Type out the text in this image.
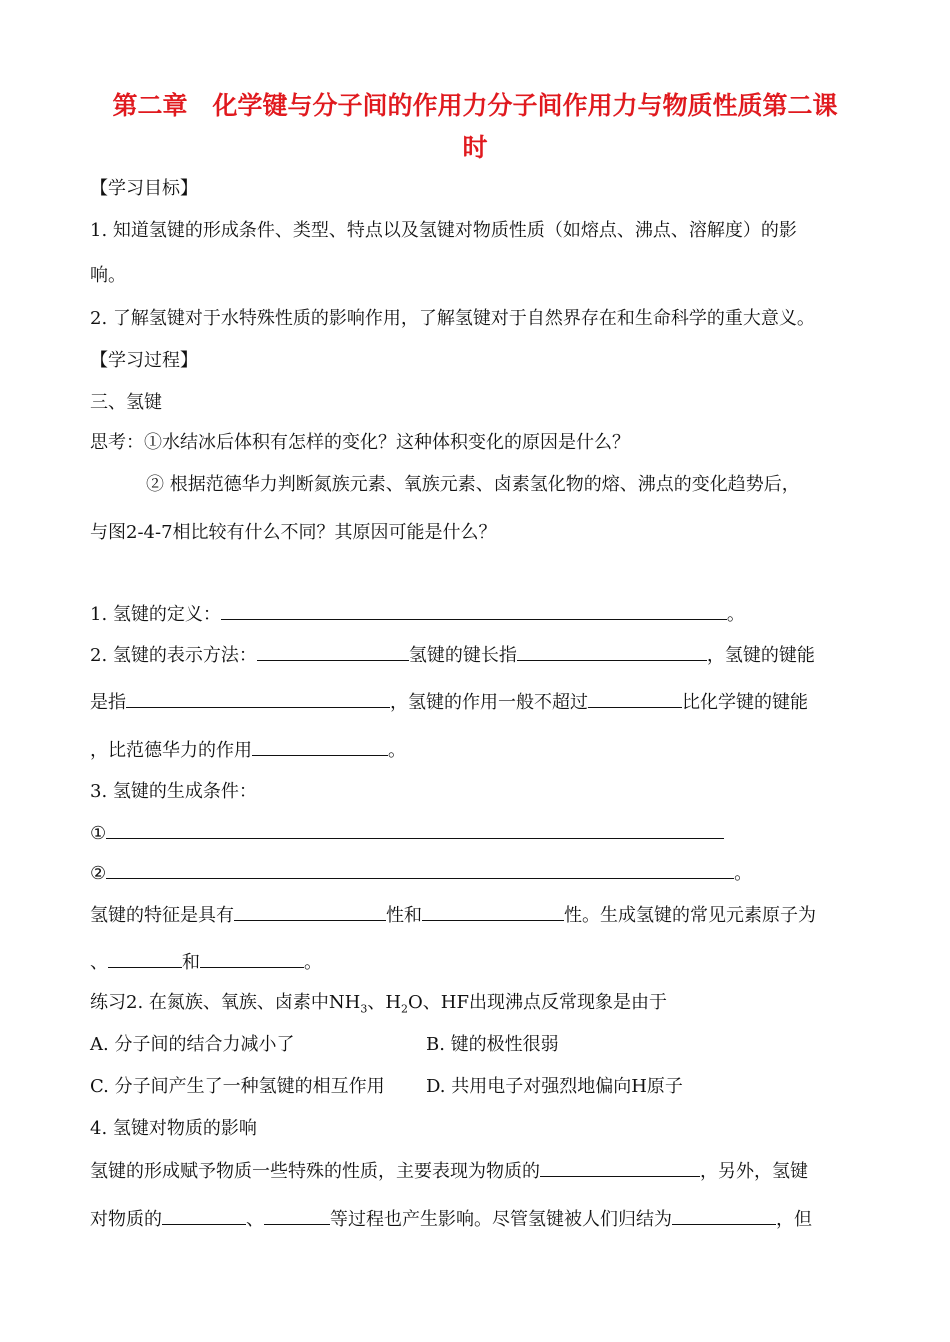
第二章　化学键与分子间的作用力分子间作用力与物质性质第二课
时
【学习目标】
1. 知道氢键的形成条件、类型、特点以及氢键对物质性质（如熔点、沸点、溶解度）的影
响。
2. 了解氢键对于水特殊性质的影响作用，了解氢键对于自然界存在和生命科学的重大意义。
【学习过程】
三、氢键
思考：①水结冰后体积有怎样的变化？这种体积变化的原因是什么？
② 根据范德华力判断氮族元素、氧族元素、卤素氢化物的熔、沸点的变化趋势后，
与图2-4-7相比较有什么不同？其原因可能是什么？
1. 氢键的定义：	。
2. 氢键的表示方法：	氢键的键长指	，氢键的键能
是指	，氢键的作用一般不超过	比化学键的键能
，比范德华力的作用	。
3. 氢键的生成条件：
①
②	。
氢键的特征是具有	性和	性。生成氢键的常见元素原子为
、	和	。
练习2. 在氮族、氧族、卤素中$NH_3$、$H_2O$、HF出现沸点反常现象是由于
A. 分子间的结合力减小了	B. 键的极性很弱
C. 分子间产生了一种氢键的相互作用 D. 共用电子对强烈地偏向H原子
4. 氢键对物质的影响
氢键的形成赋予物质一些特殊的性质，主要表现为物质的	，另外，氢键
对物质的	、	等过程也产生影响。尽管氢键被人们归结为	，但
